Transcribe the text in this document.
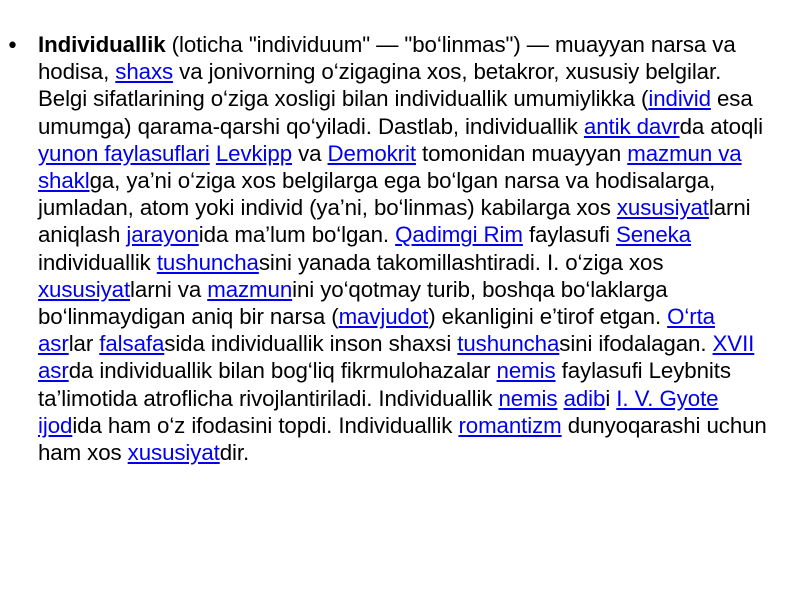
• Individuallik (loticha "individuum" — "bo‘linmas") — muayyan narsa va hodisa, shaxs va jonivorning o‘zigagina xos, betakror, xususiy belgilar. Belgi sifatlarining o‘ziga xosligi bilan individuallik umumiylikka (individ esa umumga) qarama-qarshi qo‘yiladi. Dastlab, individuallik antik davrda atoqli yunon faylasuflari Levkipp va Demokrit tomonidan muayyan mazmun va shaklga, ya’ni o‘ziga xos belgilarga ega bo‘lgan narsa va hodisalarga, jumladan, atom yoki individ (ya’ni, bo‘linmas) kabilarga xos xususiyatlarni aniqlash jarayonida ma’lum bo‘lgan. Qadimgi Rim faylasufi Seneka individuallik tushunchasini yanada takomillashtiradi. I. o‘ziga xos xususiyatlarni va mazmunini yo‘qotmay turib, boshqa bo‘laklarga bo‘linmaydigan aniq bir narsa (mavjudot) ekanligini e’tirof etgan. O‘rta asrlar falsafasida individuallik inson shaxsi tushunchasini ifodalagan. XVII asrda individuallik bilan bog‘liq fikrmulohazalar nemis faylasufi Leybnits ta’limotida atroflicha rivojlantiriladi. Individuallik nemis adibi I. V. Gyote ijodida ham o‘z ifodasini topdi. Individuallik romantizm dunyoqarashi uchun ham xos xususiyatdir.
